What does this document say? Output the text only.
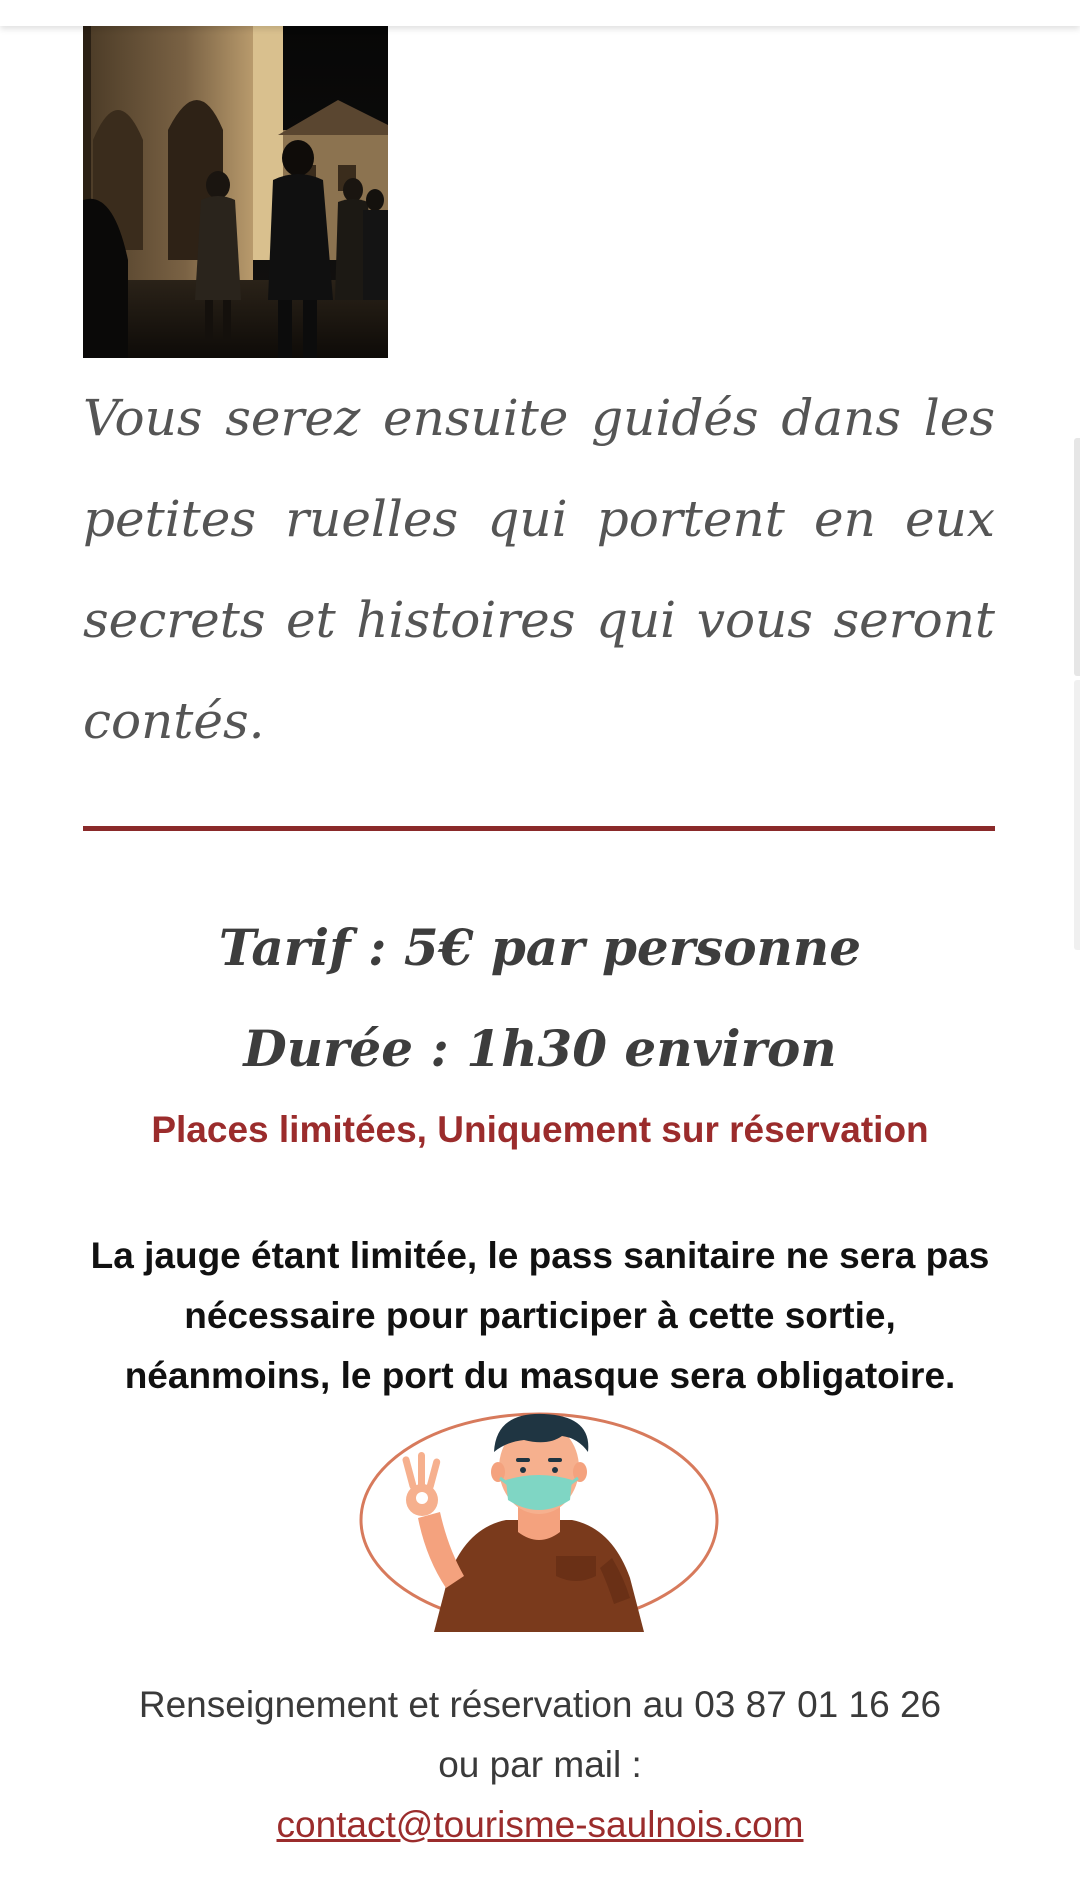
Vous serez ensuite guidés dans les petites ruelles qui portent en eux secrets et histoires qui vous seront contés.

Tarif : 5€ par personne
Durée : 1h30 environ
Places limitées, Uniquement sur réservation
La jauge étant limitée, le pass sanitaire ne sera pas nécessaire pour participer à cette sortie, néanmoins, le port du masque sera obligatoire.
Renseignement et réservation au 03 87 01 16 26
ou par mail :
contact@tourisme-saulnois.com
